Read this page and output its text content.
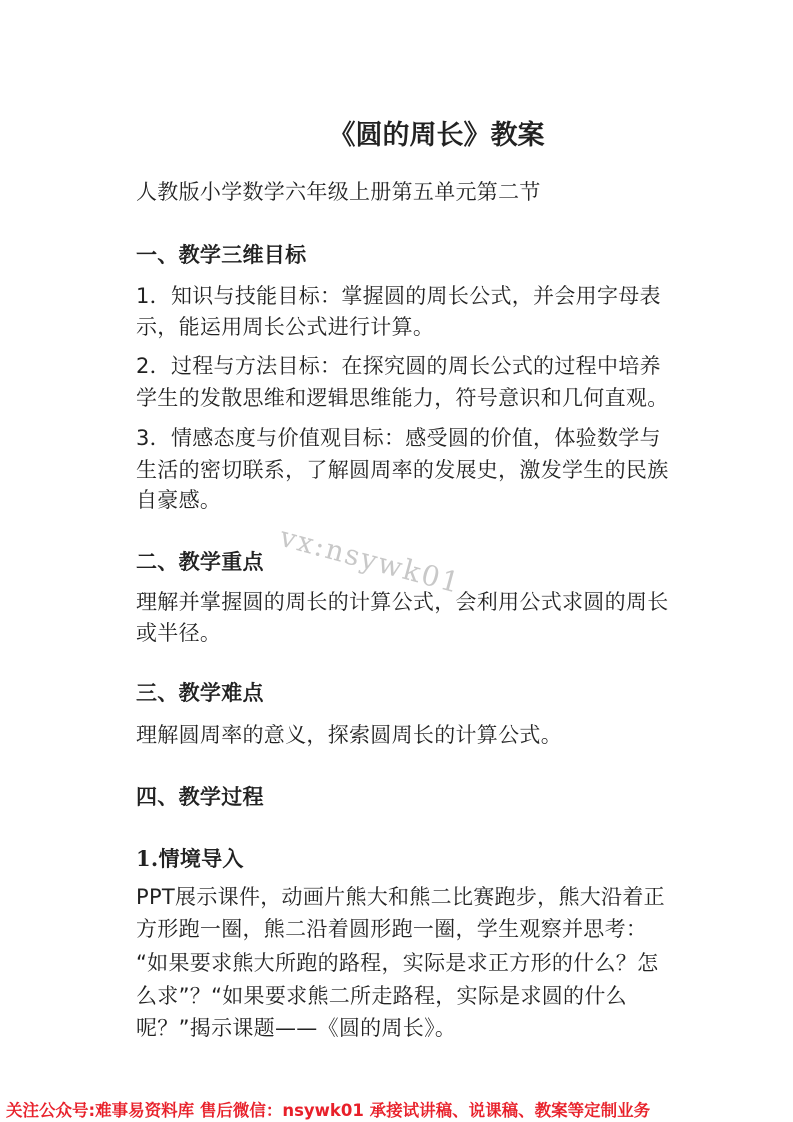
《圆的周长》教案
人教版小学数学六年级上册第五单元第二节
一、教学三维目标
1．知识与技能目标：掌握圆的周长公式，并会用字母表
示，能运用周长公式进行计算。
2．过程与方法目标：在探究圆的周长公式的过程中培养
学生的发散思维和逻辑思维能力，符号意识和几何直观。
3．情感态度与价值观目标：感受圆的价值，体验数学与
生活的密切联系，了解圆周率的发展史，激发学生的民族
自豪感。
vx:nsywk01
二、教学重点
理解并掌握圆的周长的计算公式，会利用公式求圆的周长
或半径。
三、教学难点
理解圆周率的意义，探索圆周长的计算公式。
四、教学过程
1.情境导入
PPT展示课件，动画片熊大和熊二比赛跑步，熊大沿着正
方形跑一圈，熊二沿着圆形跑一圈，学生观察并思考：
“如果要求熊大所跑的路程，实际是求正方形的什么？怎
么求”？“如果要求熊二所走路程，实际是求圆的什么
呢？”揭示课题——《圆的周长》。
关注公众号:难事易资料库 售后微信：nsywk01 承接试讲稿、说课稿、教案等定制业务
